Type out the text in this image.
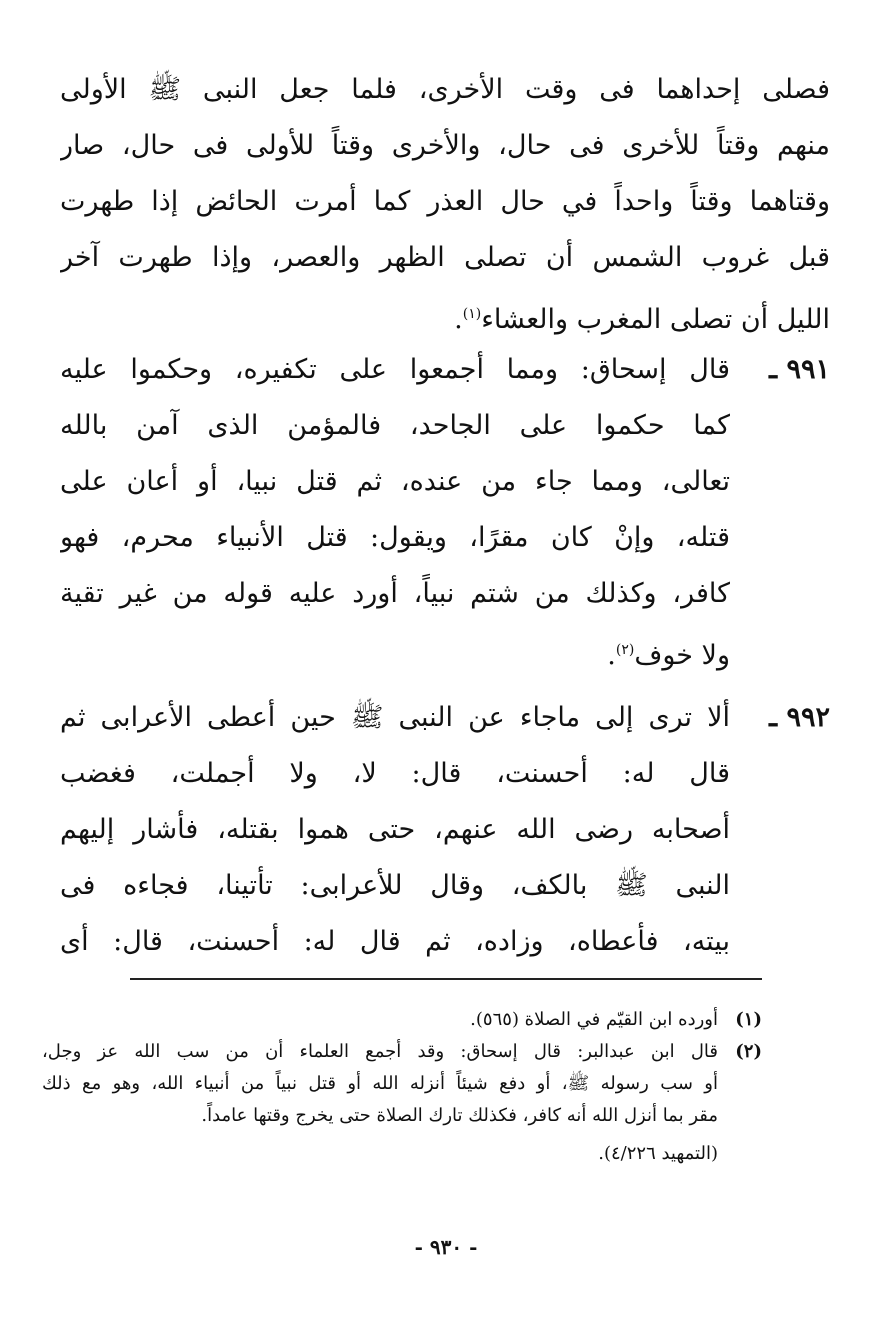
فصلى إحداهما فى وقت الأخرى، فلما جعل النبى ﷺ الأولى
منهم وقتاً للأخرى فى حال، والأخرى وقتاً للأولى فى حال، صار
وقتاهما وقتاً واحداً في حال العذر كما أمرت الحائض إذا طهرت
قبل غروب الشمس أن تصلى الظهر والعصر، وإذا طهرت آخر
الليل أن تصلى المغرب والعشاء$^{(١)}$.
٩٩١ ـ
قال إسحاق: ومما أجمعوا على تكفيره، وحكموا عليه
كما حكموا على الجاحد، فالمؤمن الذى آمن بالله
تعالى، ومما جاء من عنده، ثم قتل نبيا، أو أعان على
قتله، وإنْ كان مقرًا، ويقول: قتل الأنبياء محرم، فهو
كافر، وكذلك من شتم نبياً، أورد عليه قوله من غير تقية
ولا خوف$^{(٢)}$.
٩٩٢ ـ
ألا ترى إلى ماجاء عن النبى ﷺ حين أعطى الأعرابى ثم
قال له: أحسنت، قال: لا، ولا أجملت، فغضب
أصحابه رضى الله عنهم، حتى هموا بقتله، فأشار إليهم
النبى ﷺ بالكف، وقال للأعرابى: تأتينا، فجاءه فى
بيته، فأعطاه، وزاده، ثم قال له: أحسنت، قال: أى
(١)
أورده ابن القيّم في الصلاة (٥٦٥).
(٢)
قال ابن عبدالبر: قال إسحاق: وقد أجمع العلماء أن من سب الله عز وجل،
أو سب رسوله ﷺ، أو دفع شيئاً أنزله الله أو قتل نبياً من أنبياء الله، وهو مع ذلك
مقر بما أنزل الله أنه كافر، فكذلك تارك الصلاة حتى يخرج وقتها عامداً.
(التمهيد ٤/٢٢٦).
- ٩٣٠ -
